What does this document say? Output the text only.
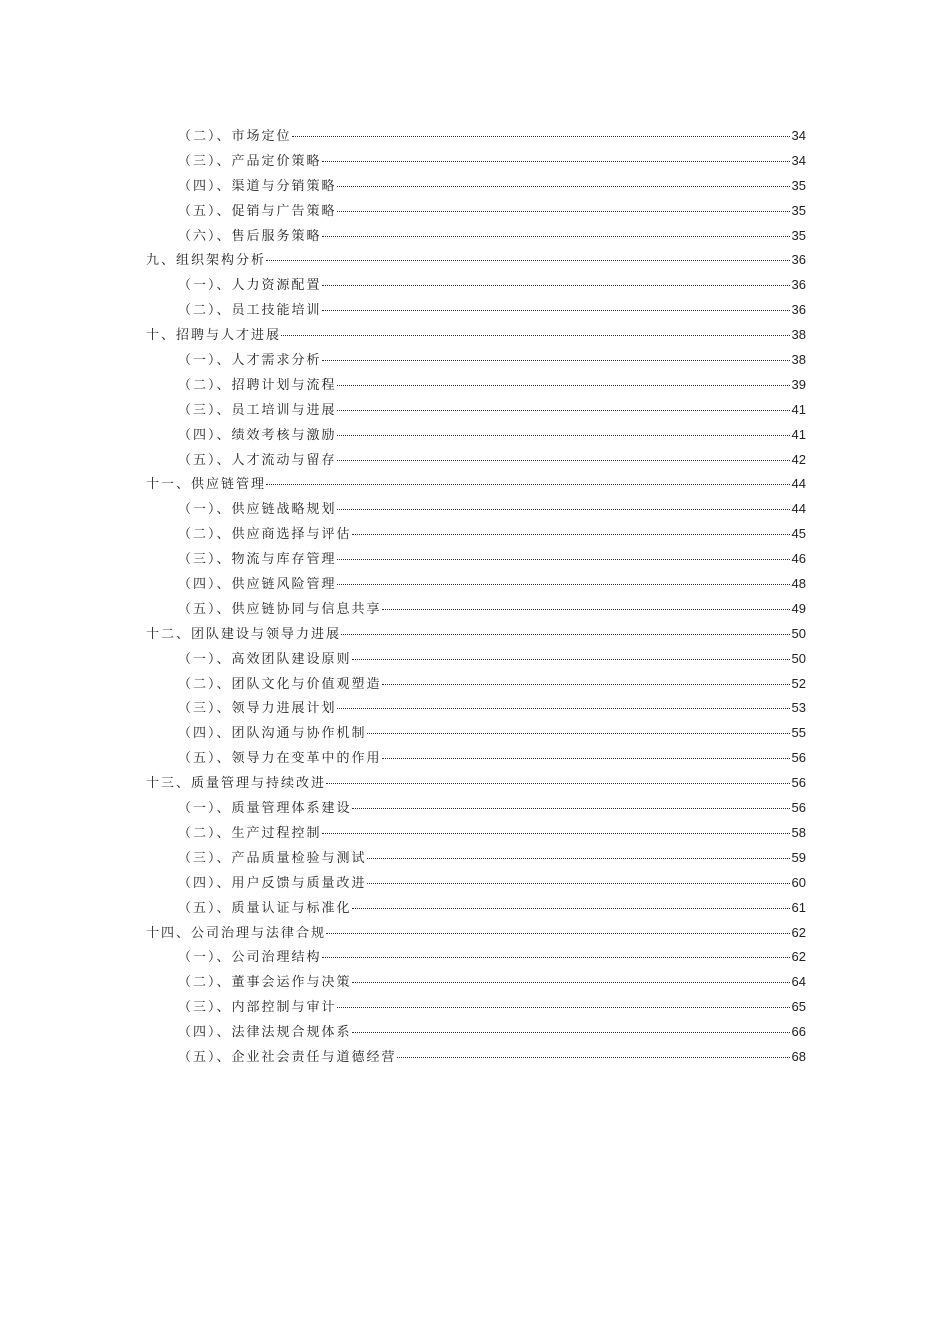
（二）、市场定位	34
（三）、产品定价策略	34
（四）、渠道与分销策略	35
（五）、促销与广告策略	35
（六）、售后服务策略	35
九、组织架构分析	36
（一）、人力资源配置	36
（二）、员工技能培训	36
十、招聘与人才进展	38
（一）、人才需求分析	38
（二）、招聘计划与流程	39
（三）、员工培训与进展	41
（四）、绩效考核与激励	41
（五）、人才流动与留存	42
十一、供应链管理	44
（一）、供应链战略规划	44
（二）、供应商选择与评估	45
（三）、物流与库存管理	46
（四）、供应链风险管理	48
（五）、供应链协同与信息共享	49
十二、团队建设与领导力进展	50
（一）、高效团队建设原则	50
（二）、团队文化与价值观塑造	52
（三）、领导力进展计划	53
（四）、团队沟通与协作机制	55
（五）、领导力在变革中的作用	56
十三、质量管理与持续改进	56
（一）、质量管理体系建设	56
（二）、生产过程控制	58
（三）、产品质量检验与测试	59
（四）、用户反馈与质量改进	60
（五）、质量认证与标准化	61
十四、公司治理与法律合规	62
（一）、公司治理结构	62
（二）、董事会运作与决策	64
（三）、内部控制与审计	65
（四）、法律法规合规体系	66
（五）、企业社会责任与道德经营	68
